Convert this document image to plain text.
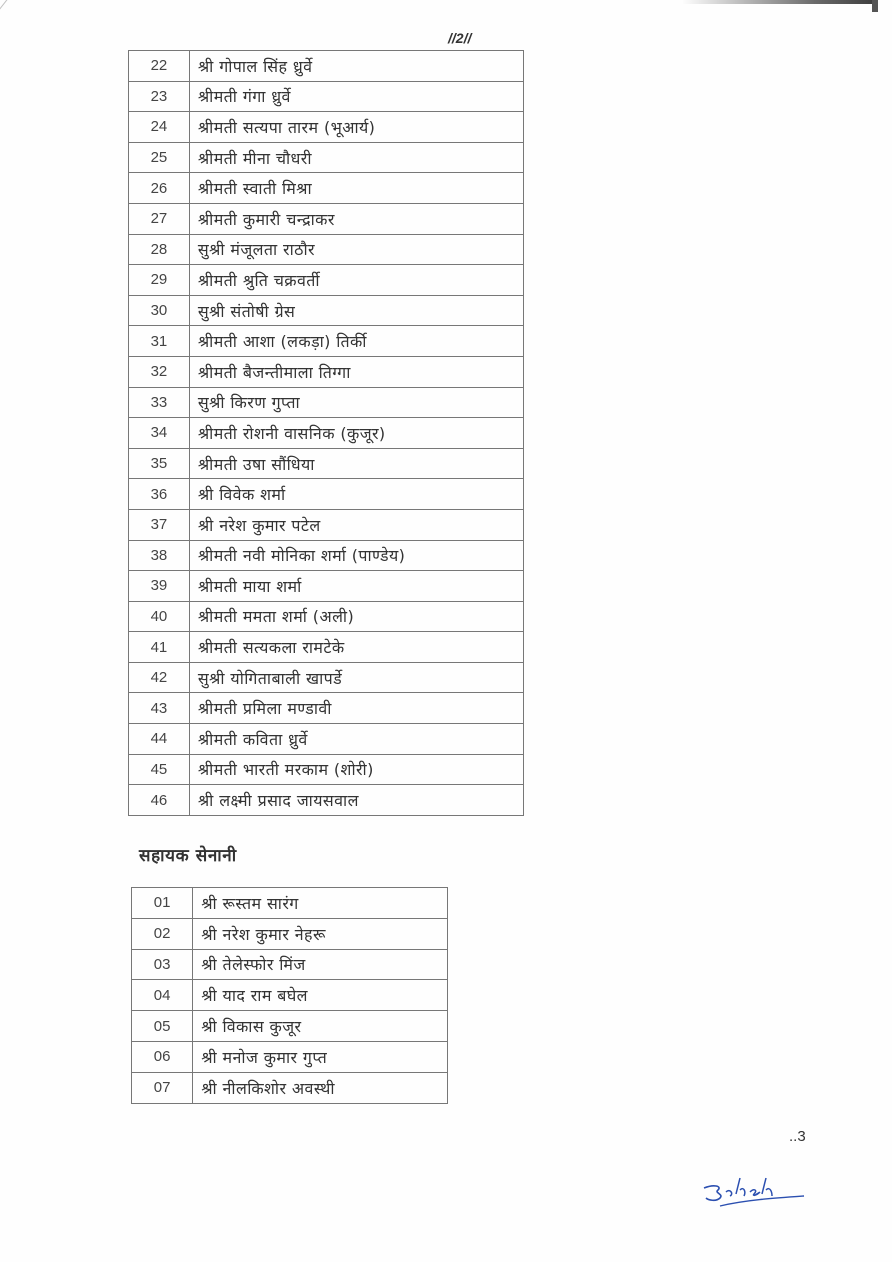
//2//
22	श्री गोपाल सिंह ध्रुर्वे
23	श्रीमती गंगा ध्रुर्वे
24	श्रीमती सत्यपा तारम (भूआर्य)
25	श्रीमती मीना चौधरी
26	श्रीमती स्वाती मिश्रा
27	श्रीमती कुमारी चन्द्राकर
28	सुश्री मंजूलता राठौर
29	श्रीमती श्रुति चक्रवर्ती
30	सुश्री संतोषी ग्रेस
31	श्रीमती आशा (लकड़ा) तिर्की
32	श्रीमती बैजन्तीमाला तिग्गा
33	सुश्री किरण गुप्ता
34	श्रीमती रोशनी वासनिक (कुजूर)
35	श्रीमती उषा सौंधिया
36	श्री विवेक शर्मा
37	श्री नरेश कुमार पटेल
38	श्रीमती नवी मोनिका शर्मा (पाण्डेय)
39	श्रीमती माया शर्मा
40	श्रीमती ममता शर्मा (अली)
41	श्रीमती सत्यकला रामटेके
42	सुश्री योगिताबाली खापर्डे
43	श्रीमती प्रमिला मण्डावी
44	श्रीमती कविता ध्रुर्वे
45	श्रीमती भारती मरकाम (शोरी)
46	श्री लक्ष्मी प्रसाद जायसवाल
सहायक सेनानी
01	श्री रूस्तम सारंग
02	श्री नरेश कुमार नेहरू
03	श्री तेलेस्फोर मिंज
04	श्री याद राम बघेल
05	श्री विकास कुजूर
06	श्री मनोज कुमार गुप्त
07	श्री नीलकिशोर अवस्थी
..3
